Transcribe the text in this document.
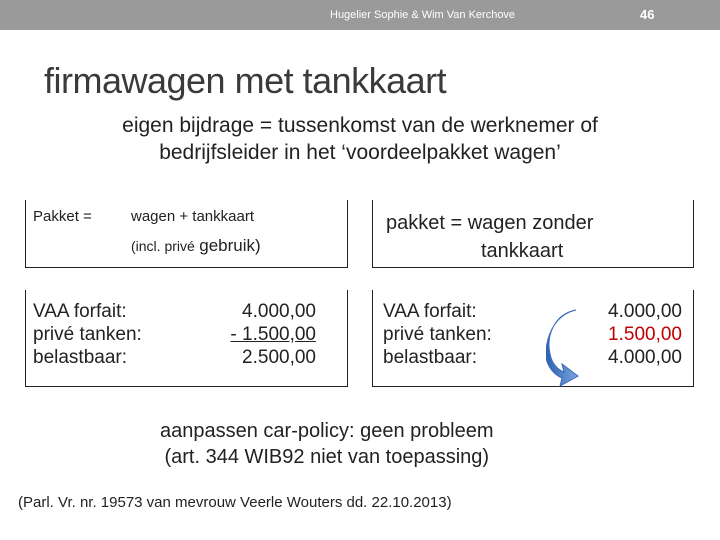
Hugelier Sophie & Wim Van Kerchove	46
firmawagen met tankkaart
eigen bijdrage = tussenkomst van de werknemer of
bedrijfsleider in het ‘voordeelpakket wagen’
Pakket =	wagen + tankkaart
(incl. privé gebruik)
pakket = wagen zonder
tankkaart
VAA forfait:
privé tanken:
belastbaar:
4.000,00
- 1.500,00
2.500,00
VAA forfait:
privé tanken:
belastbaar:
4.000,00
1.500,00
4.000,00
aanpassen car-policy: geen probleem
(art. 344 WIB92 niet van toepassing)
(Parl. Vr. nr. 19573 van mevrouw Veerle Wouters dd. 22.10.2013)
